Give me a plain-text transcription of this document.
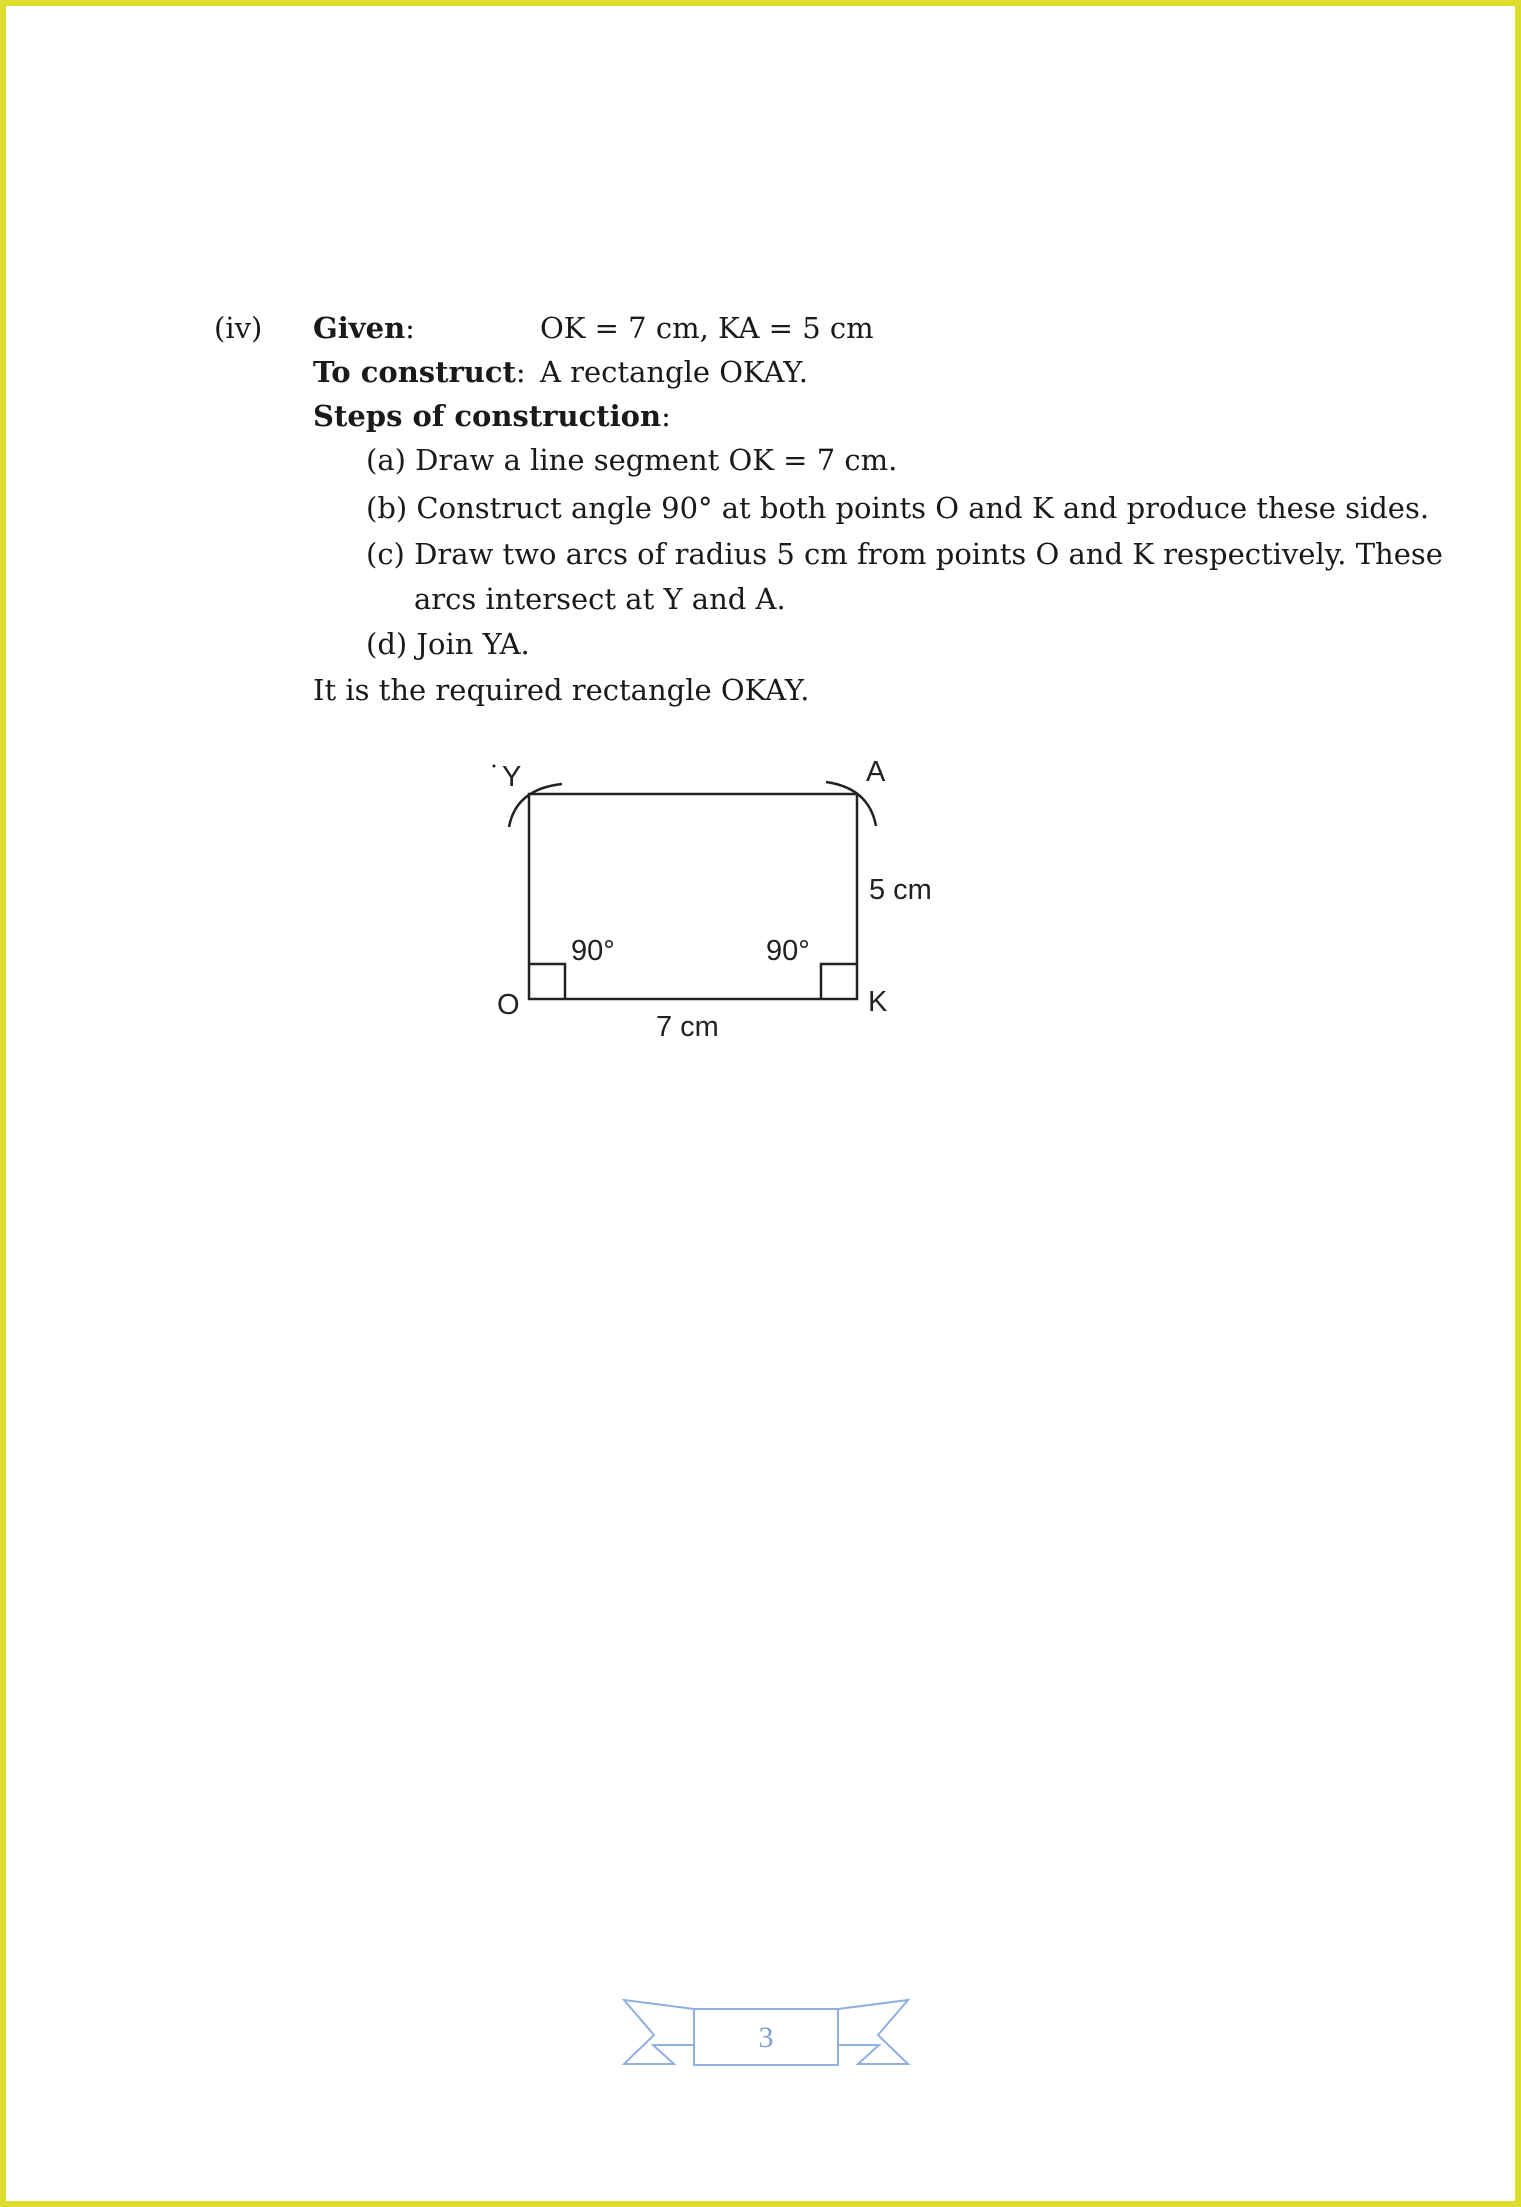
(iv) Given:	OK = 7 cm, KA = 5 cm
To construct: A rectangle OKAY.
Steps of construction:
(a) Draw a line segment OK = 7 cm.
(b) Construct angle 90° at both points O and K and produce these sides.
(c) Draw two arcs of radius 5 cm from points O and K respectively. These
arcs intersect at Y and A.
(d) Join YA.
It is the required rectangle OKAY.
Y	A
O	K
5 cm
7 cm
90°	90°
3
